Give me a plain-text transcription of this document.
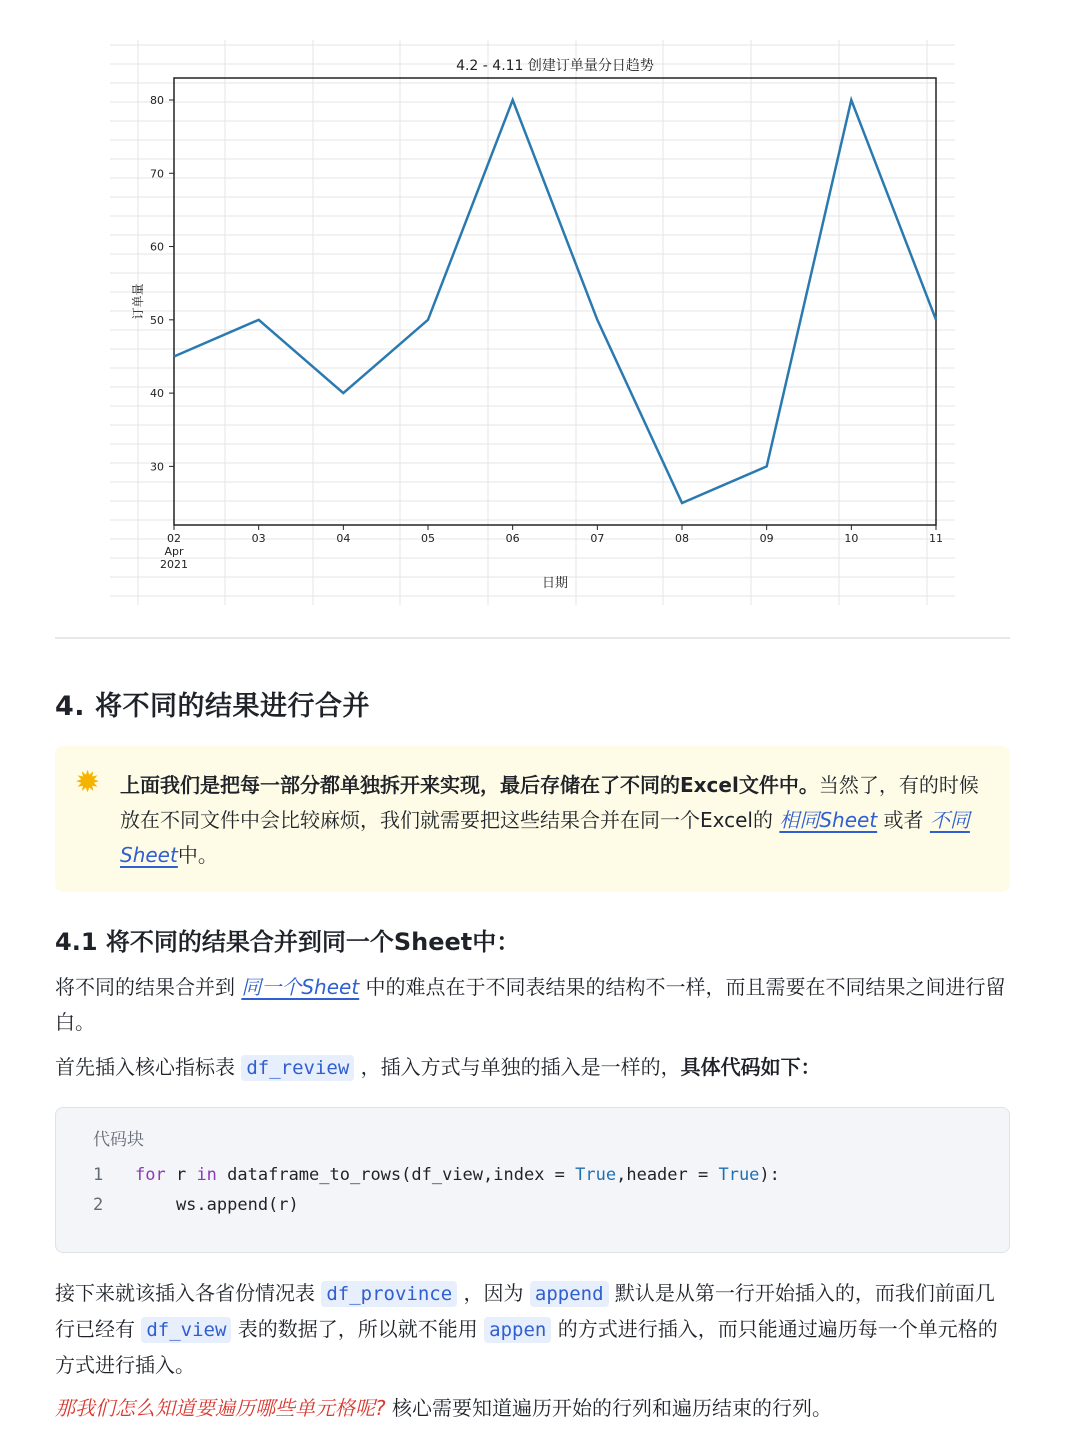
4.2 - 4.11 创建订单量分日趋势
30
40
50
60
70
80
订单量
02
Apr
2021
03	04	05	06	07	08	09	10	11
日期
4. 将不同的结果进行合并
✹ 上面我们是把每一部分都单独拆开来实现，最后存储在了不同的Excel文件中。当然了，有的时候放在不同文件中会比较麻烦，我们就需要把这些结果合并在同一个Excel的 相同Sheet 或者 不同Sheet中。
4.1 将不同的结果合并到同一个Sheet中：

将不同的结果合并到 同一个Sheet 中的难点在于不同表结果的结构不一样，而且需要在不同结果之间进行留白。

首先插入核心指标表 df_review ，插入方式与单独的插入是一样的，具体代码如下：

代码块
1 for r in dataframe_to_rows(df_view,index = True,header = True):
2    ws.append(r)

接下来就该插入各省份情况表 df_province ，因为 append 默认是从第一行开始插入的，而我们前面几行已经有 df_view 表的数据了，所以就不能用 appen 的方式进行插入，而只能通过遍历每一个单元格的方式进行插入。

那我们怎么知道要遍历哪些单元格呢? 核心需要知道遍历开始的行列和遍历结束的行列。
